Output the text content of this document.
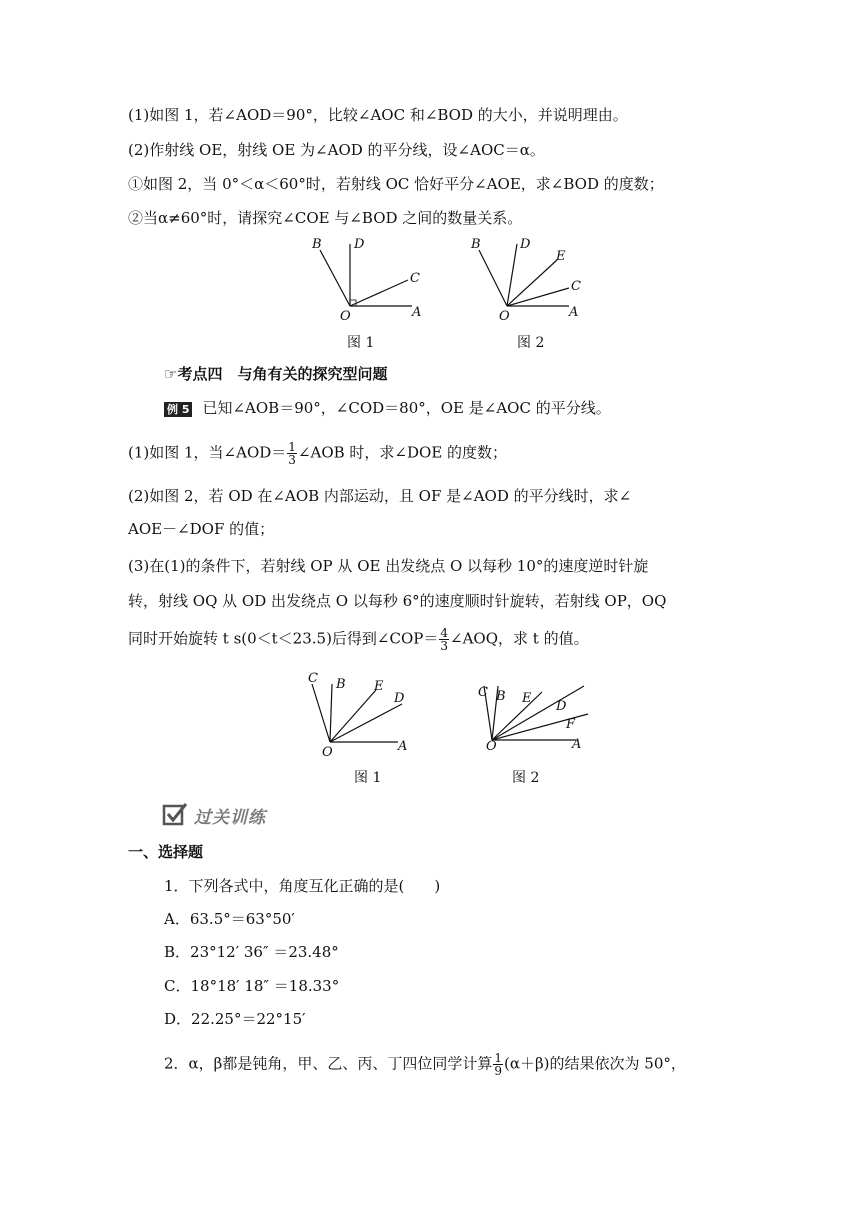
(1)如图 1，若∠AOD＝90°，比较∠AOC 和∠BOD 的大小，并说明理由。
(2)作射线 OE，射线 OE 为∠AOD 的平分线，设∠AOC＝α。
①如图 2，当 0°＜α＜60°时，若射线 OC 恰好平分∠AOE，求∠BOD 的度数；
②当α≠60°时，请探究∠COE 与∠BOD 之间的数量关系。
B D
C
A
O
图 1
B	D
E
C
A
O
图 2
☞考点四　与角有关的探究型问题
例 5 已知∠AOB＝90°，∠COD＝80°，OE 是∠AOC 的平分线。
(1)如图 1，当∠AOD＝ $\frac{1}{3}$ ∠AOB 时，求∠DOE 的度数；
(2)如图 2，若 OD 在∠AOB 内部运动，且 OF 是∠AOD 的平分线时，求∠
AOE－∠DOF 的值；
(3)在(1)的条件下，若射线 OP 从 OE 出发绕点 O 以每秒 10°的速度逆时针旋
转，射线 OQ 从 OD 出发绕点 O 以每秒 6°的速度顺时针旋转，若射线 OP，OQ
同时开始旋转 t s(0＜t＜23.5)后得到∠COP＝ $\frac{4}{3}$ ∠AOQ，求 t 的值。
C B E
D
A
O
图 1
C B E
D
F
A
O
图 2
过关训练
一、选择题
1．下列各式中，角度互化正确的是(　　)
A．63.5°＝63°50′
B．23°12′ 36″ ＝23.48°
C．18°18′ 18″ ＝18.33°
D．22.25°＝22°15′
2．α，β都是钝角，甲、乙、丙、丁四位同学计算 $\frac{1}{9} (\alpha+\beta)$的结果依次为 50°，
